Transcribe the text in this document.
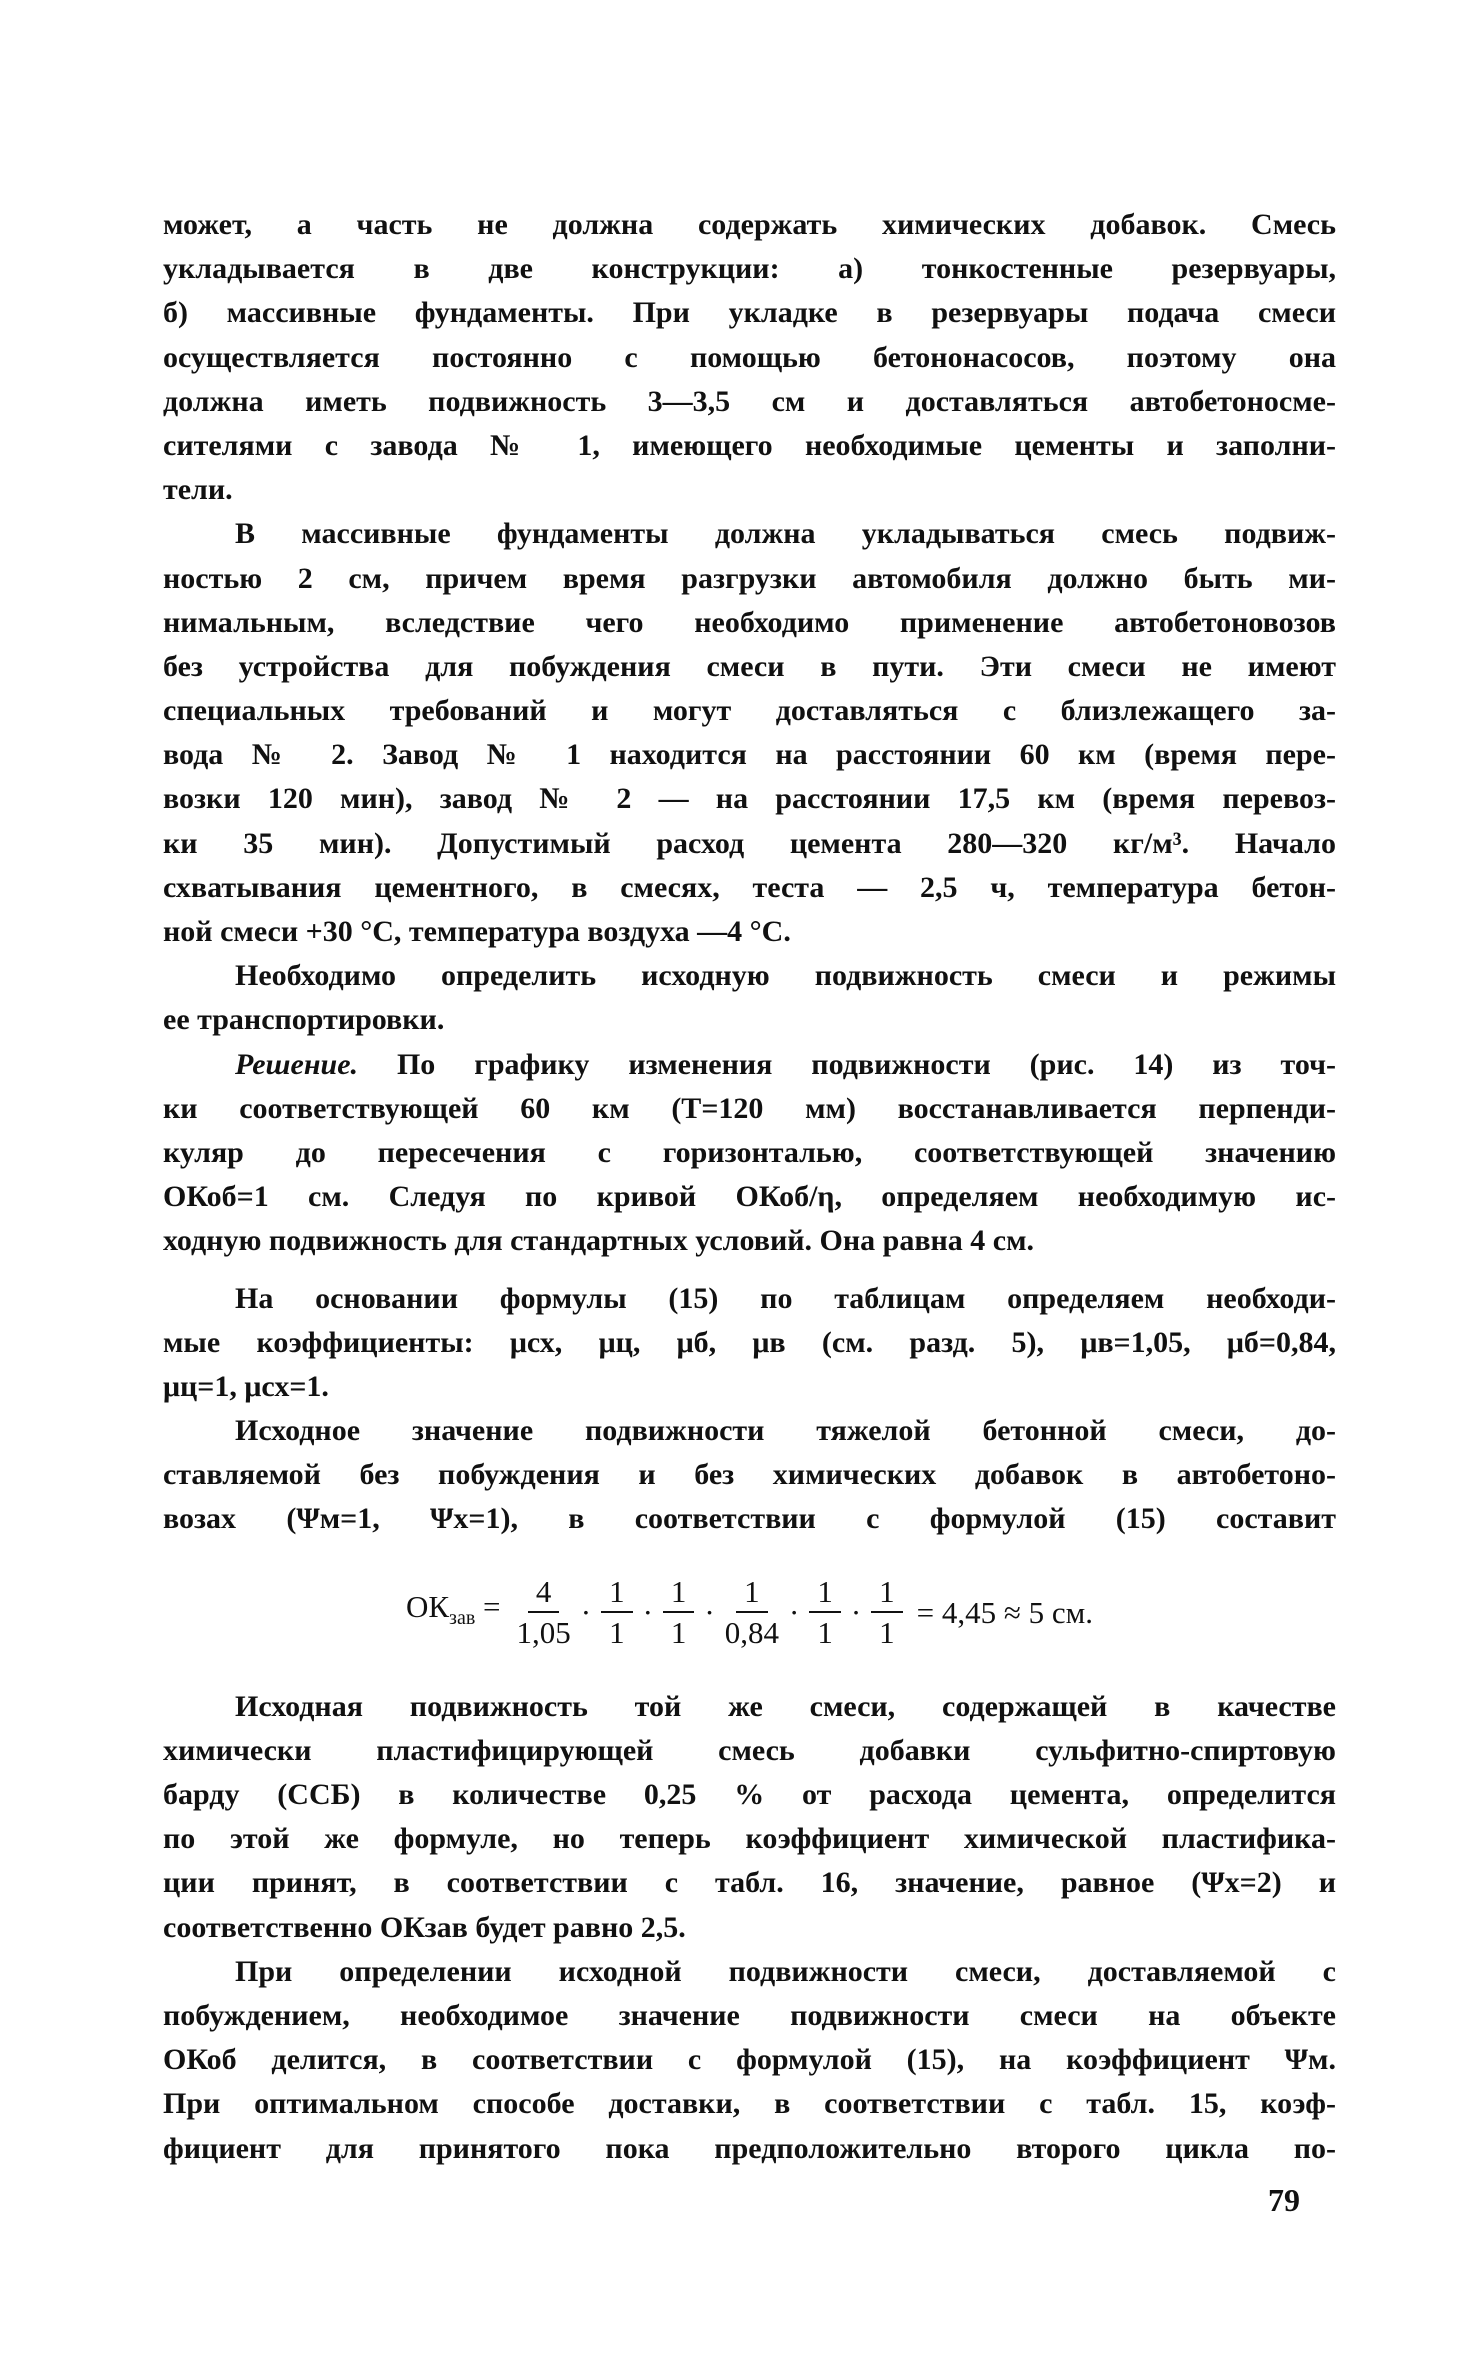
может, а часть не должна содержать химических добавок. Смесь
укладывается в две конструкции: а) тонкостенные резервуары,
б) массивные фундаменты. При укладке в резервуары подача смеси
осуществляется постоянно с помощью бетононасосов, поэтому она
должна иметь подвижность 3—3,5 см и доставляться автобетоносме-
сителями с завода № 1, имеющего необходимые цементы и заполни-
тели.
В массивные фундаменты должна укладываться смесь подвиж-
ностью 2 см, причем время разгрузки автомобиля должно быть ми-
нимальным, вследствие чего необходимо применение автобетоновозов
без устройства для побуждения смеси в пути. Эти смеси не имеют
специальных требований и могут доставляться с близлежащего за-
вода № 2. Завод № 1 находится на расстоянии 60 км (время пере-
возки 120 мин), завод № 2 — на расстоянии 17,5 км (время перевоз-
ки 35 мин). Допустимый расход цемента 280—320 кг/м³. Начало
схватывания цементного, в смесях, теста — 2,5 ч, температура бетон-
ной смеси +30 °С, температура воздуха —4 °С.
Необходимо определить исходную подвижность смеси и режимы
ее транспортировки.
Решение. По графику изменения подвижности (рис. 14) из точ-
ки соответствующей 60 км (Т=120 мм) восстанавливается перпенди-
куляр до пересечения с горизонталью, соответствующей значению
ОКоб=1 см. Следуя по кривой ОКоб/η, определяем необходимую ис-
ходную подвижность для стандартных условий. Она равна 4 см.
На основании формулы (15) по таблицам определяем необходи-
мые коэффициенты: μсх, μц, μб, μв (см. разд. 5), μв=1,05, μб=0,84,
μц=1, μсх=1.
Исходное значение подвижности тяжелой бетонной смеси, до-
ставляемой без побуждения и без химических добавок в автобетоно-
возах (Ψм=1, Ψх=1), в соответствии с формулой (15) составит
$ОК_{зав} = \frac{4}{1,05} \cdot \frac{1}{1} \cdot \frac{1}{1} \cdot \frac{1}{0,84} \cdot \frac{1}{1} \cdot \frac{1}{1} = 4,45 \approx 5$ см.
Исходная подвижность той же смеси, содержащей в качестве
химически пластифицирующей смесь добавки сульфитно-спиртовую
барду (ССБ) в количестве 0,25 % от расхода цемента, определится
по этой же формуле, но теперь коэффициент химической пластифика-
ции принят, в соответствии с табл. 16, значение, равное (Ψх=2) и
соответственно ОКзав будет равно 2,5.
При определении исходной подвижности смеси, доставляемой с
побуждением, необходимое значение подвижности смеси на объекте
ОКоб делится, в соответствии с формулой (15), на коэффициент Ψм.
При оптимальном способе доставки, в соответствии с табл. 15, коэф-
фициент для принятого пока предположительно второго цикла по-
79
